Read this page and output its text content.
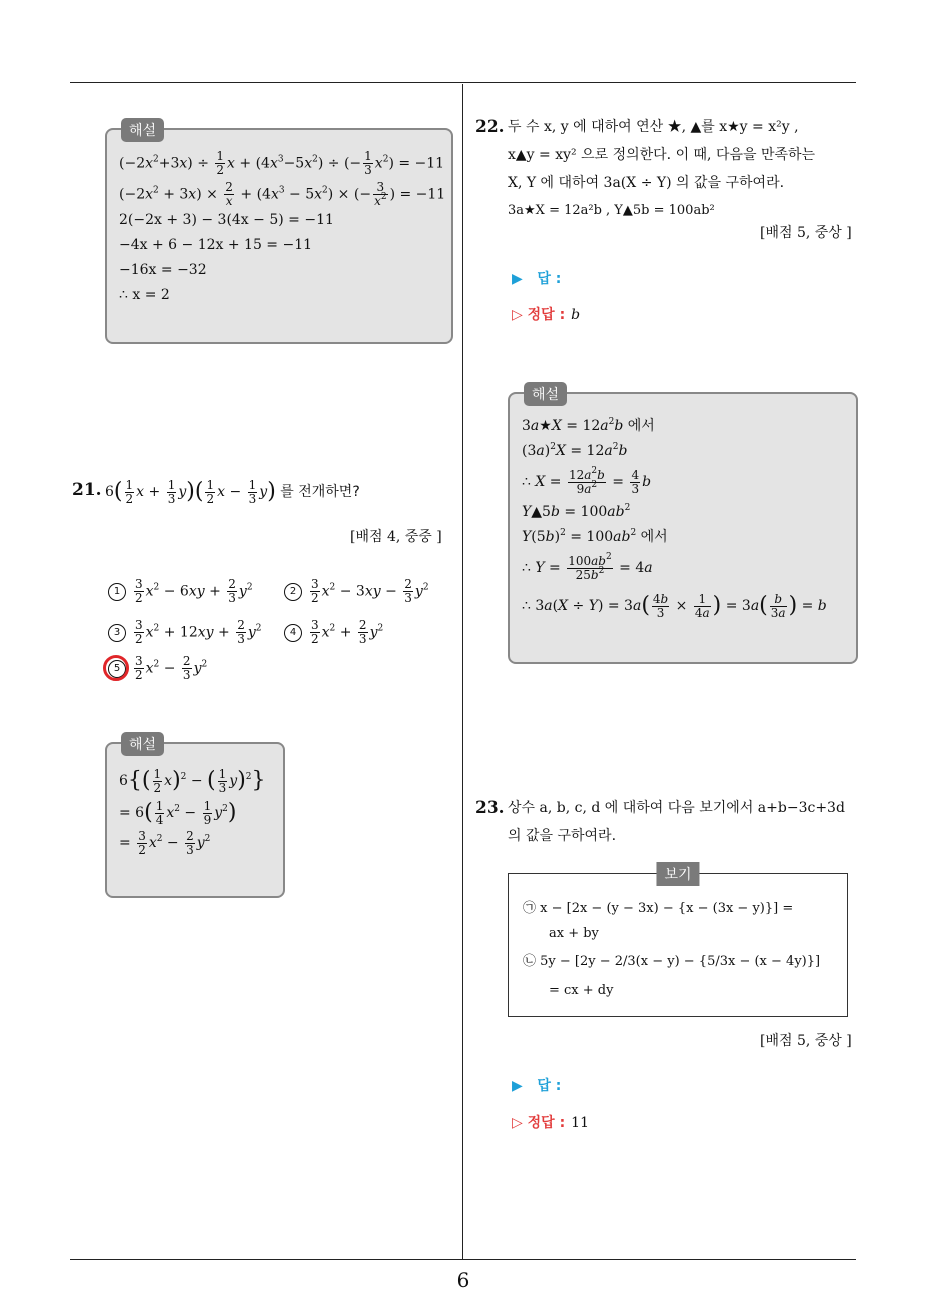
6
해설
$(-2x^2+3x) \div \frac{1}{2}$ $x + (4x^3-5x^2)$ ÷ (− $\frac{1}{3} x^2) = -11$
$(-2x^2 + 3x) \times \frac{2}{x} + (4x^3 - 5x^2)$ × (− $\frac{3}{x^2}$ ) = −11
2(−2x + 3) − 3(4x − 5) = −11
−4x + 6 − 12x + 15 = −11
−16x = −32
∴ x = 2
21. $6( \frac{1}{2}$ $x + \frac{1}{3} y)( \frac{1}{2}$ $x - \frac{1}{3} y$) 를 전개하면?
[배점 4, 중중 ]
$1 \frac{3}{2} x^2 - 6xy + \frac{2}{3} y^2$	$2 \frac{3}{2} x^2 - 3xy - \frac{2}{3} y^2$
$3 \frac{3}{2} x^2 + 12xy + \frac{2}{3} y^2$	$4 \frac{3}{2} x^2 + \frac{2}{3} y^2$
$5 \frac{3}{2} x^2 - \frac{2}{3} y^2$
해설
$6\{( \frac{1}{2} x)^2$ − ( $\frac{1}{3} y)^2$}
= $6( \frac{1}{4} x^2 - \frac{1}{9} y^2)$
= $\frac{3}{2} x^2 - \frac{2}{3} y^2$
22. 두 수 x, y 에 대하여 연산 ★, ▲를 x★y = x²y ,
x▲y = xy² 으로 정의한다. 이 때, 다음을 만족하는
X, Y 에 대하여 3a(X ÷ Y) 의 값을 구하여라.
3a★X = 12a²b , Y▲5b = 100ab²
[배점 5, 중상 ]
▶   답 :
▷ 정답 : b
해설
3a★X = $12a^2b$ 에서
$(3a)^2X = 12a^2b$
∴ $X = \frac{12a^2b}{9a^2} = \frac{4}{3}$ b
Y▲5b = $100ab^2$
$Y(5b)^2 = 100ab^2$ 에서
∴ $Y = \frac{100ab^2}{25b^2} = 4a$
∴ $3a(X \div Y) = 3a( \frac{4b}{3} \times \frac{1}{4a}$ ) = $3a( \frac{b}{3a}$ ) = b
23. 상수 a, b, c, d 에 대하여 다음 보기에서 a+b−3c+3d
의 값을 구하여라.
보기
㉠ x − [2x − (y − 3x) − {x − (3x − y)}] =
ax + by
㉡ 5y − [2y − 2/3(x − y) − {5/3x − (x − 4y)}]
= cx + dy
[배점 5, 중상 ]
▶   답 :
▷ 정답 : 11
